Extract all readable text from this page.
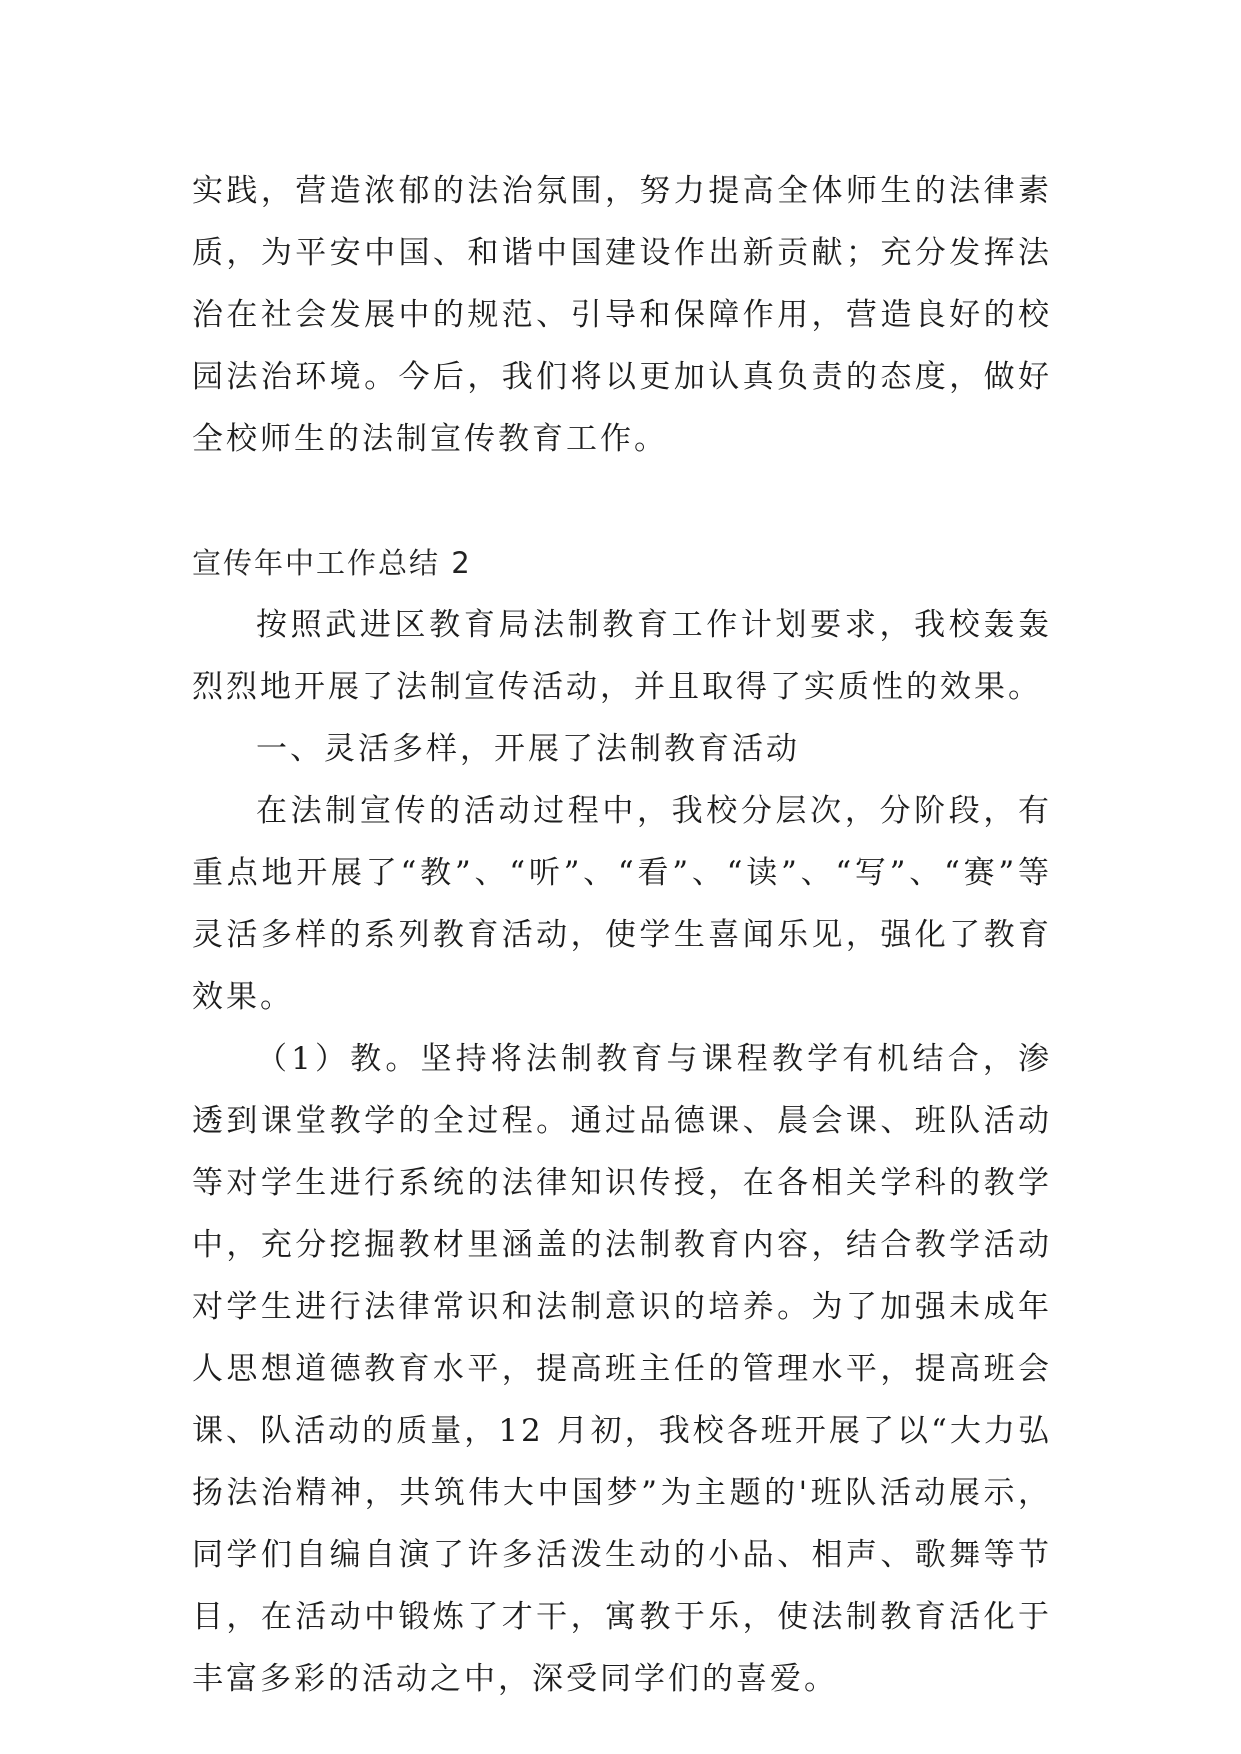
实践，营造浓郁的法治氛围，努力提高全体师生的法律素质，为平安中国、和谐中国建设作出新贡献；充分发挥法治在社会发展中的规范、引导和保障作用，营造良好的校园法治环境。今后，我们将以更加认真负责的态度，做好全校师生的法制宣传教育工作。

宣传年中工作总结 2

按照武进区教育局法制教育工作计划要求，我校轰轰烈烈地开展了法制宣传活动，并且取得了实质性的效果。

一、灵活多样，开展了法制教育活动

在法制宣传的活动过程中，我校分层次，分阶段，有重点地开展了“教”、“听”、“看”、“读”、“写”、“赛”等灵活多样的系列教育活动，使学生喜闻乐见，强化了教育效果。

（1）教。坚持将法制教育与课程教学有机结合，渗透到课堂教学的全过程。通过品德课、晨会课、班队活动等对学生进行系统的法律知识传授，在各相关学科的教学中，充分挖掘教材里涵盖的法制教育内容，结合教学活动对学生进行法律常识和法制意识的培养。为了加强未成年人思想道德教育水平，提高班主任的管理水平，提高班会课、队活动的质量，12 月初，我校各班开展了以“大力弘扬法治精神，共筑伟大中国梦”为主题的'班队活动展示，同学们自编自演了许多活泼生动的小品、相声、歌舞等节目，在活动中锻炼了才干，寓教于乐，使法制教育活化于丰富多彩的活动之中，深受同学们的喜爱。
